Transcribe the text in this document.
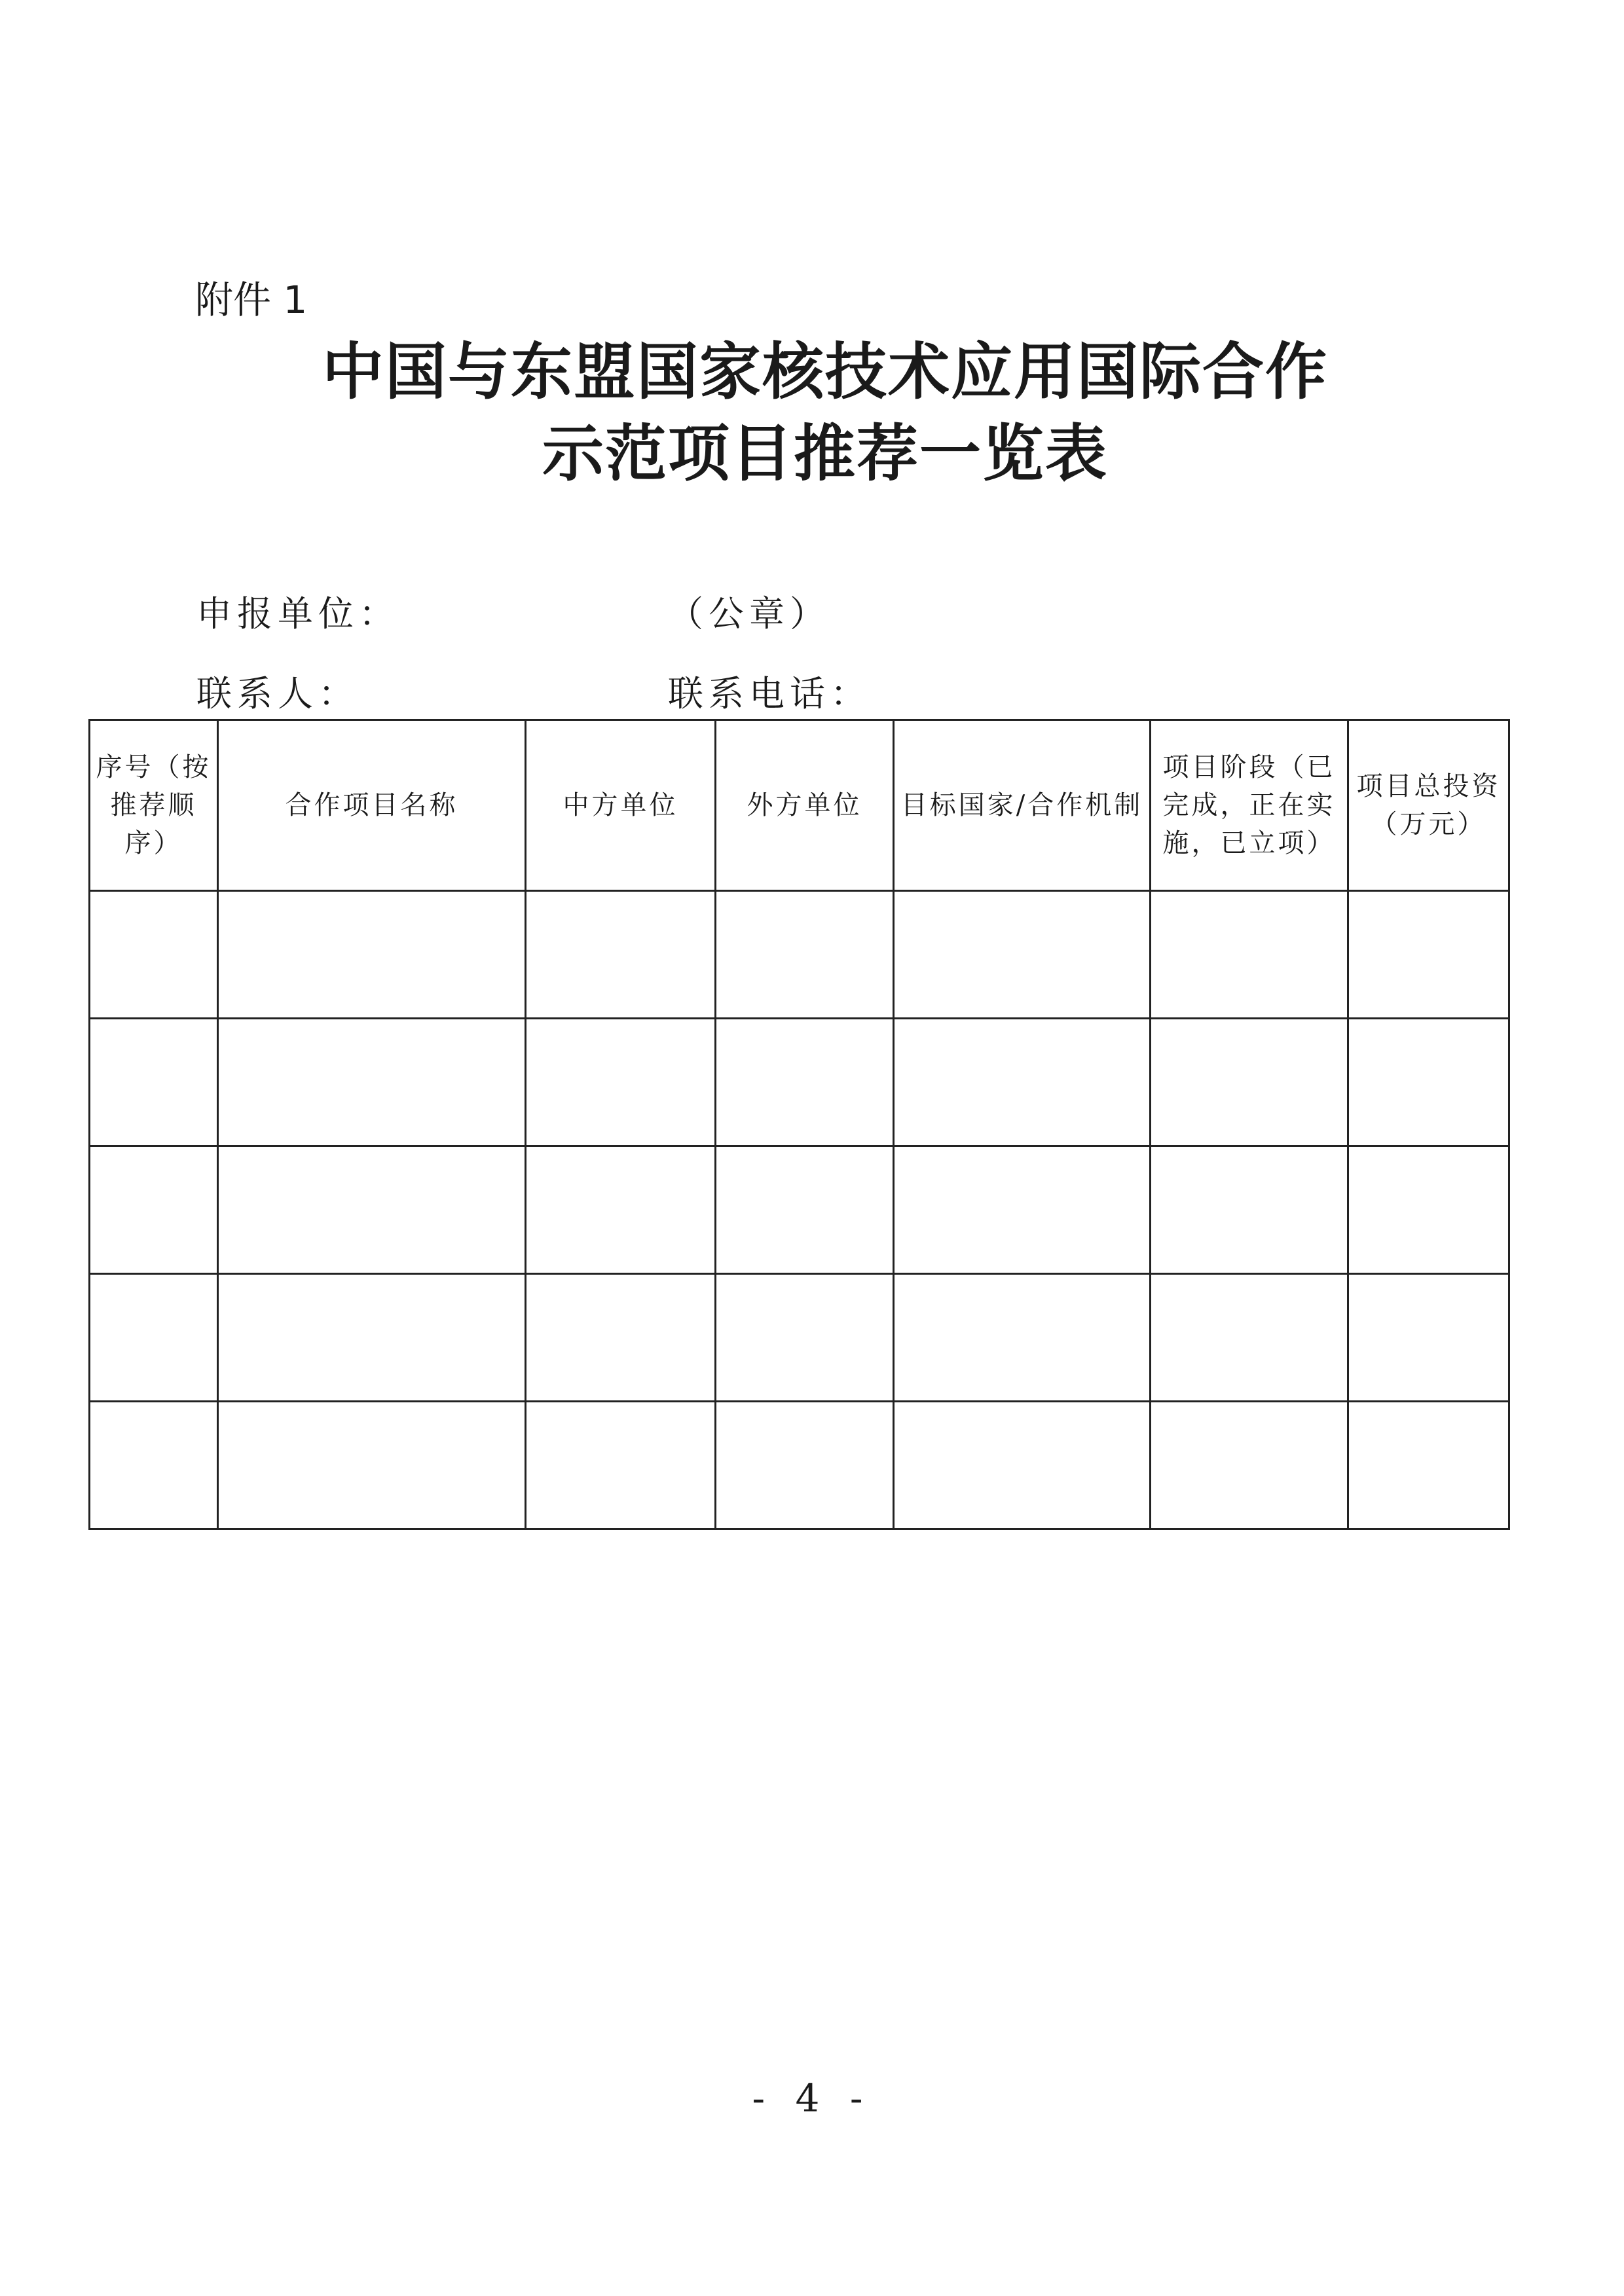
附件 1
中国与东盟国家核技术应用国际合作
示范项目推荐一览表
申报单位：	（公章）
联系人：	联系电话：
序号（按推荐顺序）	合作项目名称	中方单位	外方单位	目标国家/合作机制	项目阶段（已完成，正在实施，已立项）	项目总投资（万元）

- 4 -
